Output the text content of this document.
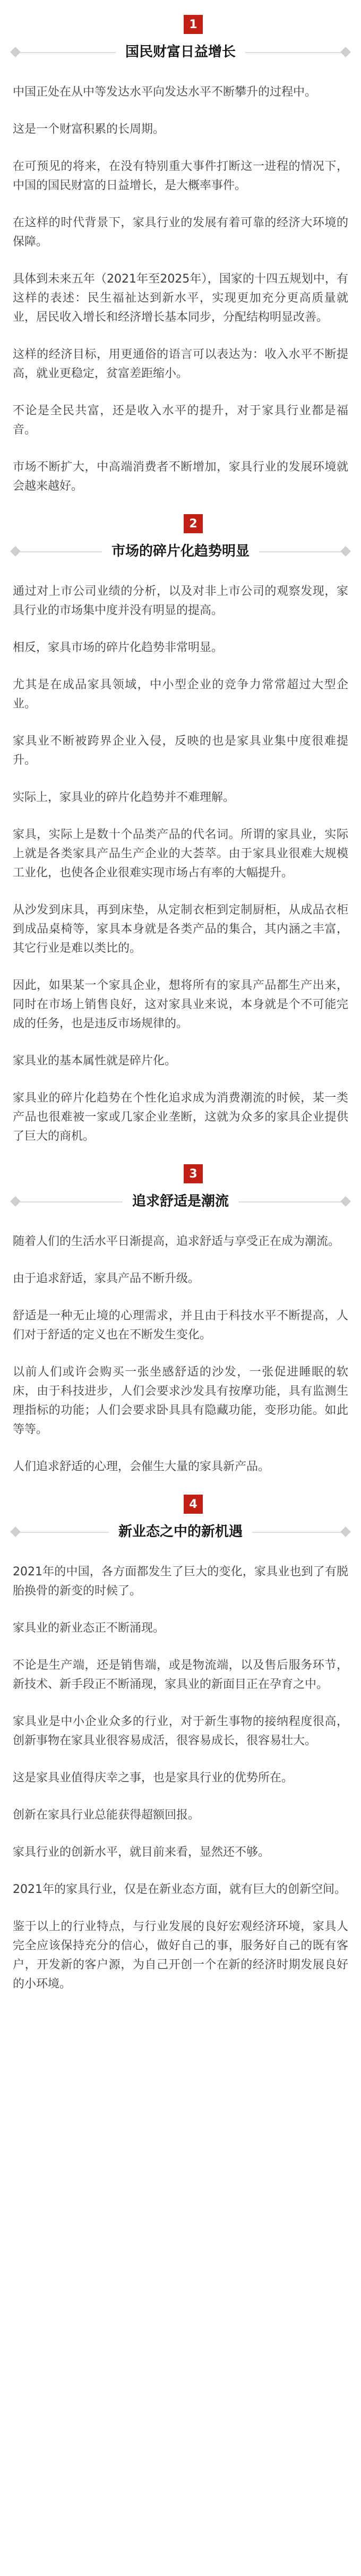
1
国民财富日益增长

中国正处在从中等发达水平向发达水平不断攀升的过程中。

这是一个财富积累的长周期。

在可预见的将来，在没有特别重大事件打断这一进程的情况下，中国的国民财富的日益增长，是大概率事件。

在这样的时代背景下，家具行业的发展有着可靠的经济大环境的保障。

具体到未来五年（2021年至2025年），国家的十四五规划中，有这样的表述：民生福祉达到新水平，实现更加充分更高质量就业，居民收入增长和经济增长基本同步，分配结构明显改善。

这样的经济目标，用更通俗的语言可以表达为：收入水平不断提高，就业更稳定，贫富差距缩小。

不论是全民共富，还是收入水平的提升，对于家具行业都是福音。

市场不断扩大，中高端消费者不断增加，家具行业的发展环境就会越来越好。

2
市场的碎片化趋势明显

通过对上市公司业绩的分析，以及对非上市公司的观察发现，家具行业的市场集中度并没有明显的提高。

相反，家具市场的碎片化趋势非常明显。

尤其是在成品家具领域，中小型企业的竞争力常常超过大型企业。

家具业不断被跨界企业入侵，反映的也是家具业集中度很难提升。

实际上，家具业的碎片化趋势并不难理解。

家具，实际上是数十个品类产品的代名词。所谓的家具业，实际上就是各类家具产品生产企业的大荟萃。由于家具业很难大规模工业化，也使各企业很难实现市场占有率的大幅提升。

从沙发到床具，再到床垫，从定制衣柜到定制厨柜，从成品衣柜到成品桌椅等，家具本身就是各类产品的集合，其内涵之丰富，其它行业是难以类比的。

因此，如果某一个家具企业，想将所有的家具产品都生产出来，同时在市场上销售良好，这对家具业来说，本身就是个不可能完成的任务，也是违反市场规律的。

家具业的基本属性就是碎片化。

家具业的碎片化趋势在个性化追求成为消费潮流的时候，某一类产品也很难被一家或几家企业垄断，这就为众多的家具企业提供了巨大的商机。

3
追求舒适是潮流

随着人们的生活水平日渐提高，追求舒适与享受正在成为潮流。

由于追求舒适，家具产品不断升级。

舒适是一种无止境的心理需求，并且由于科技水平不断提高，人们对于舒适的定义也在不断发生变化。

以前人们或许会购买一张坐感舒适的沙发，一张促进睡眠的软床，由于科技进步，人们会要求沙发具有按摩功能，具有监测生理指标的功能；人们会要求卧具具有隐藏功能，变形功能。如此等等。

人们追求舒适的心理，会催生大量的家具新产品。

4
新业态之中的新机遇

2021年的中国，各方面都发生了巨大的变化，家具业也到了有脱胎换骨的新变的时候了。

家具业的新业态正不断涌现。

不论是生产端，还是销售端，或是物流端，以及售后服务环节，新技术、新手段正不断涌现，家具业的新面目正在孕育之中。

家具业是中小企业众多的行业，对于新生事物的接纳程度很高，创新事物在家具业很容易成活，很容易成长，很容易壮大。

这是家具业值得庆幸之事，也是家具行业的优势所在。

创新在家具行业总能获得超额回报。

家具行业的创新水平，就目前来看，显然还不够。

2021年的家具行业，仅是在新业态方面，就有巨大的创新空间。

鉴于以上的行业特点，与行业发展的良好宏观经济环境，家具人完全应该保持充分的信心，做好自己的事，服务好自己的既有客户，开发新的客户源，为自己开创一个在新的经济时期发展良好的小环境。
